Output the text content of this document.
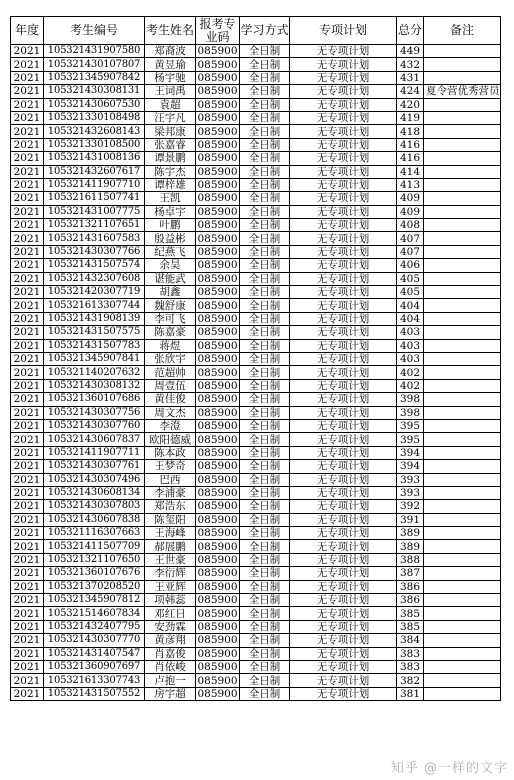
年度	考生编号	考生姓名	报考专业码	学习方式	专项计划	总分	备注
2021	105321431907580	郑裔波	085900	全日制	无专项计划	449	
2021	105321430107807	黄昱瑜	085900	全日制	无专项计划	432	
2021	105321345907842	杨宇驰	085900	全日制	无专项计划	431	
2021	105321430308131	王词禹	085900	全日制	无专项计划	424	夏令营优秀营员
2021	105321430607530	袁超	085900	全日制	无专项计划	420	
2021	105321330108498	汪宇凡	085900	全日制	无专项计划	419	
2021	105321432608143	梁邦康	085900	全日制	无专项计划	418	
2021	105321330108500	张嘉睿	085900	全日制	无专项计划	416	
2021	105321431008136	谭景鹏	085900	全日制	无专项计划	416	
2021	105321432607617	陈宇杰	085900	全日制	无专项计划	414	
2021	105321411907710	谭梓雄	085900	全日制	无专项计划	413	
2021	105321611507741	王凯	085900	全日制	无专项计划	409	
2021	105321431007775	杨卓宇	085900	全日制	无专项计划	409	
2021	105321321107651	叶鹏	085900	全日制	无专项计划	408	
2021	105321431607583	殷益彬	085900	全日制	无专项计划	407	
2021	105321430307766	纪燕飞	085900	全日制	无专项计划	407	
2021	105321431507574	余昊	085900	全日制	无专项计划	406	
2021	105321432307608	谌能武	085900	全日制	无专项计划	405	
2021	105321420307719	胡鑫	085900	全日制	无专项计划	405	
2021	105321613307744	魏舒康	085900	全日制	无专项计划	404	
2021	105321431908139	李可飞	085900	全日制	无专项计划	404	
2021	105321431507575	陈嘉豪	085900	全日制	无专项计划	403	
2021	105321431507783	蒋煜	085900	全日制	无专项计划	403	
2021	105321345907841	张欣宇	085900	全日制	无专项计划	403	
2021	105321140207632	范超帅	085900	全日制	无专项计划	402	
2021	105321430308132	周壹伍	085900	全日制	无专项计划	402	
2021	105321360107686	黄佳俊	085900	全日制	无专项计划	398	
2021	105321430307756	周文杰	085900	全日制	无专项计划	398	
2021	105321430307760	李澄	085900	全日制	无专项计划	395	
2021	105321430607837	欧阳德威	085900	全日制	无专项计划	395	
2021	105321411907711	陈本政	085900	全日制	无专项计划	394	
2021	105321430307761	王梦奇	085900	全日制	无专项计划	394	
2021	105321430307496	巴西	085900	全日制	无专项计划	393	
2021	105321430608134	李浦豪	085900	全日制	无专项计划	393	
2021	105321430307803	郑浩东	085900	全日制	无专项计划	392	
2021	105321430607838	陈玺阳	085900	全日制	无专项计划	391	
2021	105321116307663	王海峰	085900	全日制	无专项计划	389	
2021	105321411507709	郝展鹏	085900	全日制	无专项计划	389	
2021	105321321107650	王世豪	085900	全日制	无专项计划	388	
2021	105321360107676	李衍辉	085900	全日制	无专项计划	387	
2021	105321370208520	王亚辉	085900	全日制	无专项计划	386	
2021	105321345907812	项韩蕊	085900	全日制	无专项计划	386	
2021	105321514607834	邓红日	085900	全日制	无专项计划	385	
2021	105321432407795	安劲霖	085900	全日制	无专项计划	385	
2021	105321430307770	黄彦翔	085900	全日制	无专项计划	384	
2021	105321431407547	肖嘉俊	085900	全日制	无专项计划	383	
2021	105321360907697	肖依峻	085900	全日制	无专项计划	383	
2021	105321613307743	卢抱一	085900	全日制	无专项计划	382	
2021	105321431507552	房宇超	085900	全日制	无专项计划	381	
知乎 @一样的文字
